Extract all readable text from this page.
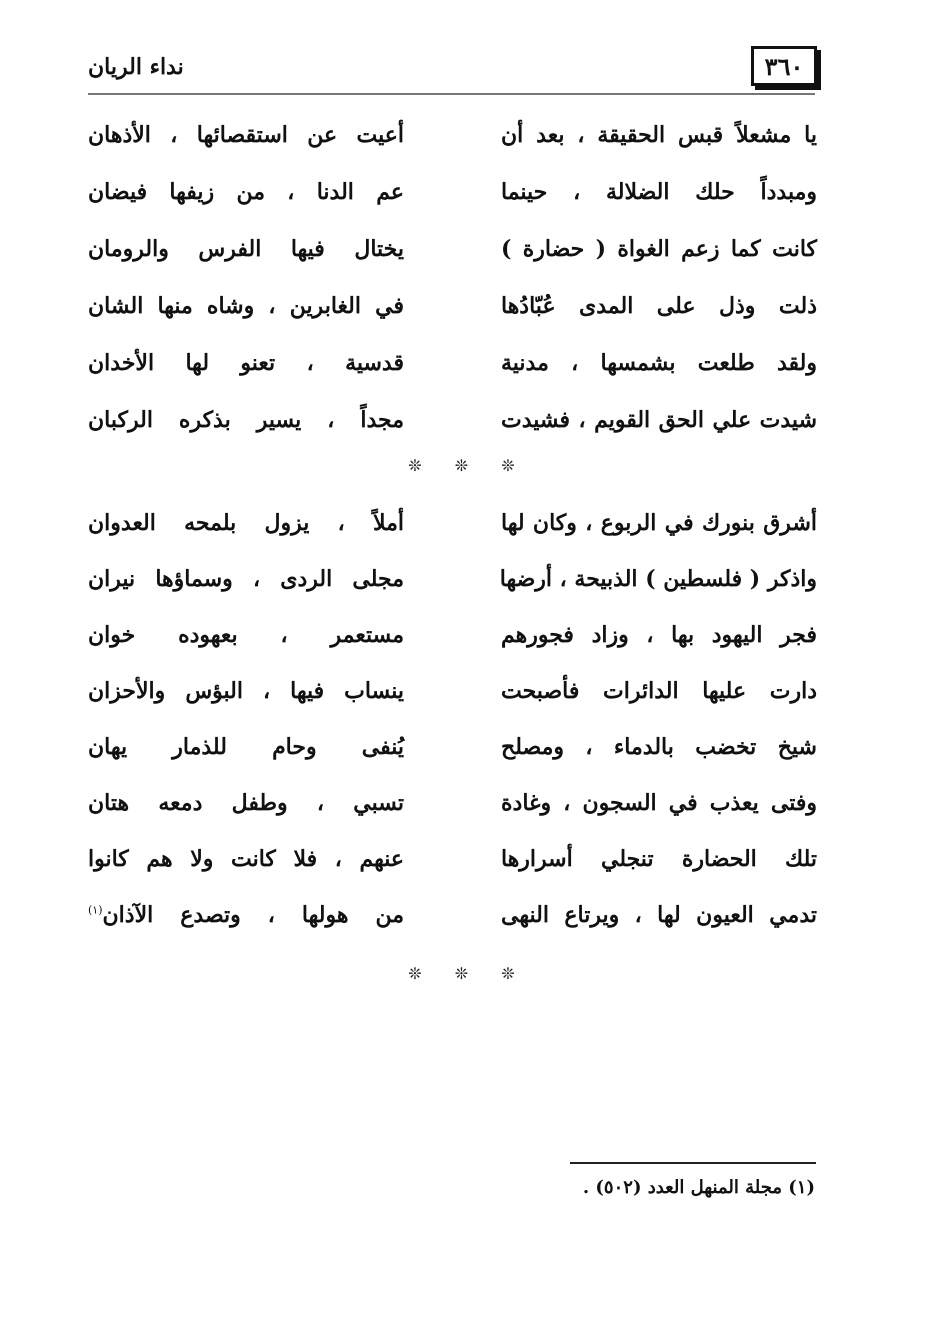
نداء الريان	٣٦٠
يا مشعلاً قبس الحقيقة ، بعد أن
أعيت عن استقصائها ، الأذهان
ومبدداً حلك الضلالة ، حينما
عم الدنا ، من زيفها فيضان
كانت كما زعم الغواة ( حضارة )
يختال فيها الفرس والرومان
ذلت وذل على المدى عُبّادُها
في الغابرين ، وشاه منها الشان
ولقد طلعت بشمسها ، مدنية
قدسية ، تعنو لها الأخدان
شيدت علي الحق القويم ، فشيدت
مجداً ، يسير بذكره الركبان
❊ ❊ ❊
أشرق بنورك في الربوع ، وكان لها
أملاً ، يزول بلمحه العدوان
واذكر ( فلسطين ) الذبيحة ، أرضها
مجلى الردى ، وسماؤها نيران
فجر اليهود بها ، وزاد فجورهم
مستعمر ، بعهوده خوان
دارت عليها الدائرات فأصبحت
ينساب فيها ، البؤس والأحزان
شيخ تخضب بالدماء ، ومصلح
يُنفى وحام للذمار يهان
وفتى يعذب في السجون ، وغادة
تسبي ، وطفل دمعه هتان
تلك الحضارة تنجلي أسرارها
عنهم ، فلا كانت ولا هم كانوا
تدمي العيون لها ، ويرتاع النهى
من هولها ، وتصدع الآذان$^{(١)}$
❊ ❊ ❊
(١) مجلة المنهل العدد (٥٠٢) .
